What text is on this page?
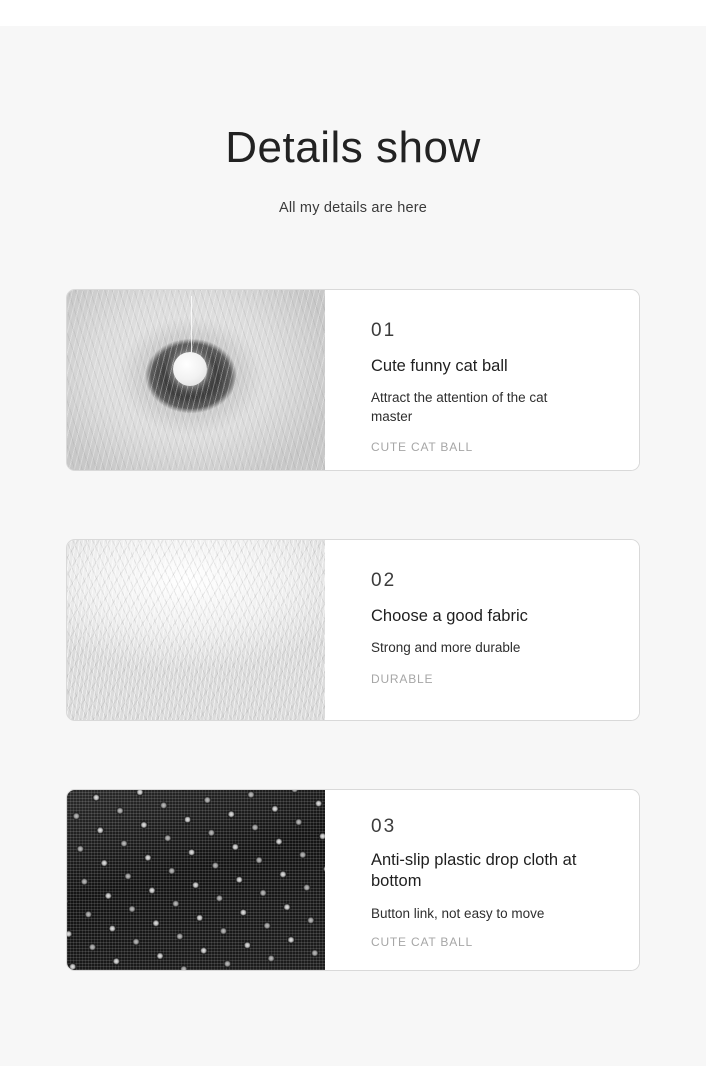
Details show
All my details are here
01
Cute funny cat ball
Attract the attention of the cat master
CUTE CAT BALL
02
Choose a good fabric
Strong and more durable
DURABLE
03
Anti-slip plastic drop cloth at bottom
Button link, not easy to move
CUTE CAT BALL
